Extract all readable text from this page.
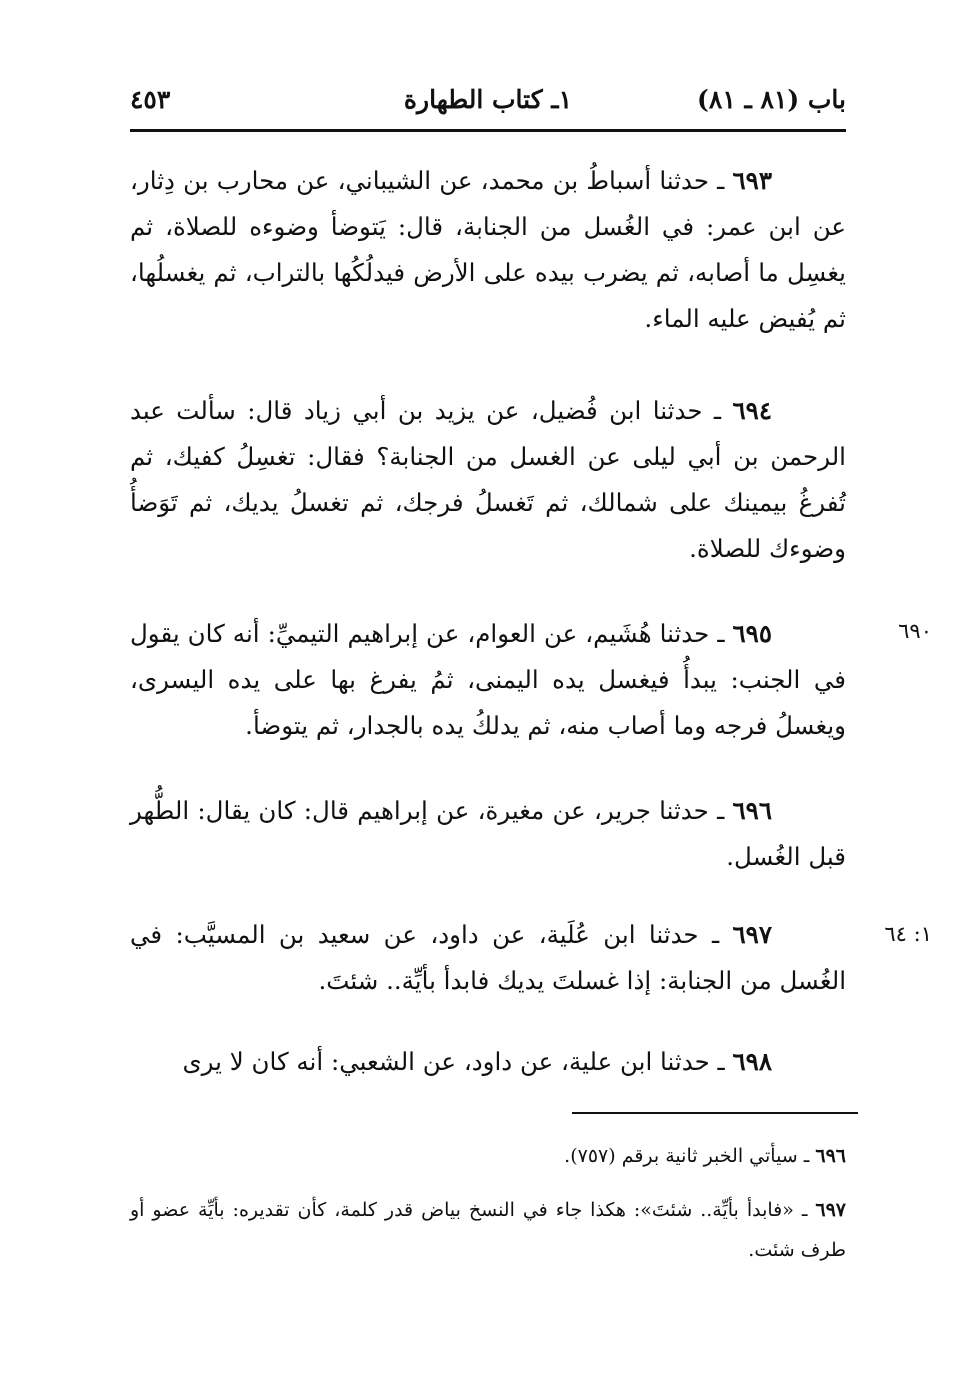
باب (٨١ ـ ٨١)
١ـ كتاب الطهارة
٤٥٣
٦٩٣ ـ حدثنا أسباطُ بن محمد، عن الشيباني، عن محارب بن دِثار، عن ابن عمر: في الغُسل من الجنابة، قال: يَتوضأ وضوءه للصلاة، ثم يغسِل ما أصابه، ثم يضرب بيده على الأرض فيدلُكُها بالتراب، ثم يغسلُها، ثم يُفيض عليه الماء.
٦٩٤ ـ حدثنا ابن فُضيل، عن يزيد بن أبي زياد قال: سألت عبد الرحمن بن أبي ليلى عن الغسل من الجنابة؟ فقال: تغسِلُ كفيك، ثم تُفرغُ بيمينك على شمالك، ثم تَغسلُ فرجك، ثم تغسلُ يديك، ثم تَوَضأُ وضوءك للصلاة.
٦٩٠
٦٩٥ ـ حدثنا هُشَيم، عن العوام، عن إبراهيم التيميِّ: أنه كان يقول في الجنب: يبدأُ فيغسل يده اليمنى، ثمُ يفرغ بها على يده اليسرى، ويغسلُ فرجه وما أصاب منه، ثم يدلكُ يده بالجدار، ثم يتوضأ.
٦٩٦ ـ حدثنا جرير، عن مغيرة، عن إبراهيم قال: كان يقال: الطُّهر قبل الغُسل.
١: ٦٤
٦٩٧ ـ حدثنا ابن عُلَية، عن داود، عن سعيد بن المسيَّب: في الغُسل من الجنابة: إذا غسلتَ يديك فابدأ بأيِّة.. شئتَ.
٦٩٨ ـ حدثنا ابن علية، عن داود، عن الشعبي: أنه كان لا يرى
٦٩٦ ـ سيأتي الخبر ثانية برقم (٧٥٧).
٦٩٧ ـ «فابدأ بأيِّة.. شئتَ»: هكذا جاء في النسخ بياض قدر كلمة، كأن تقديره: بأيِّة عضو أو طرف شئت.
